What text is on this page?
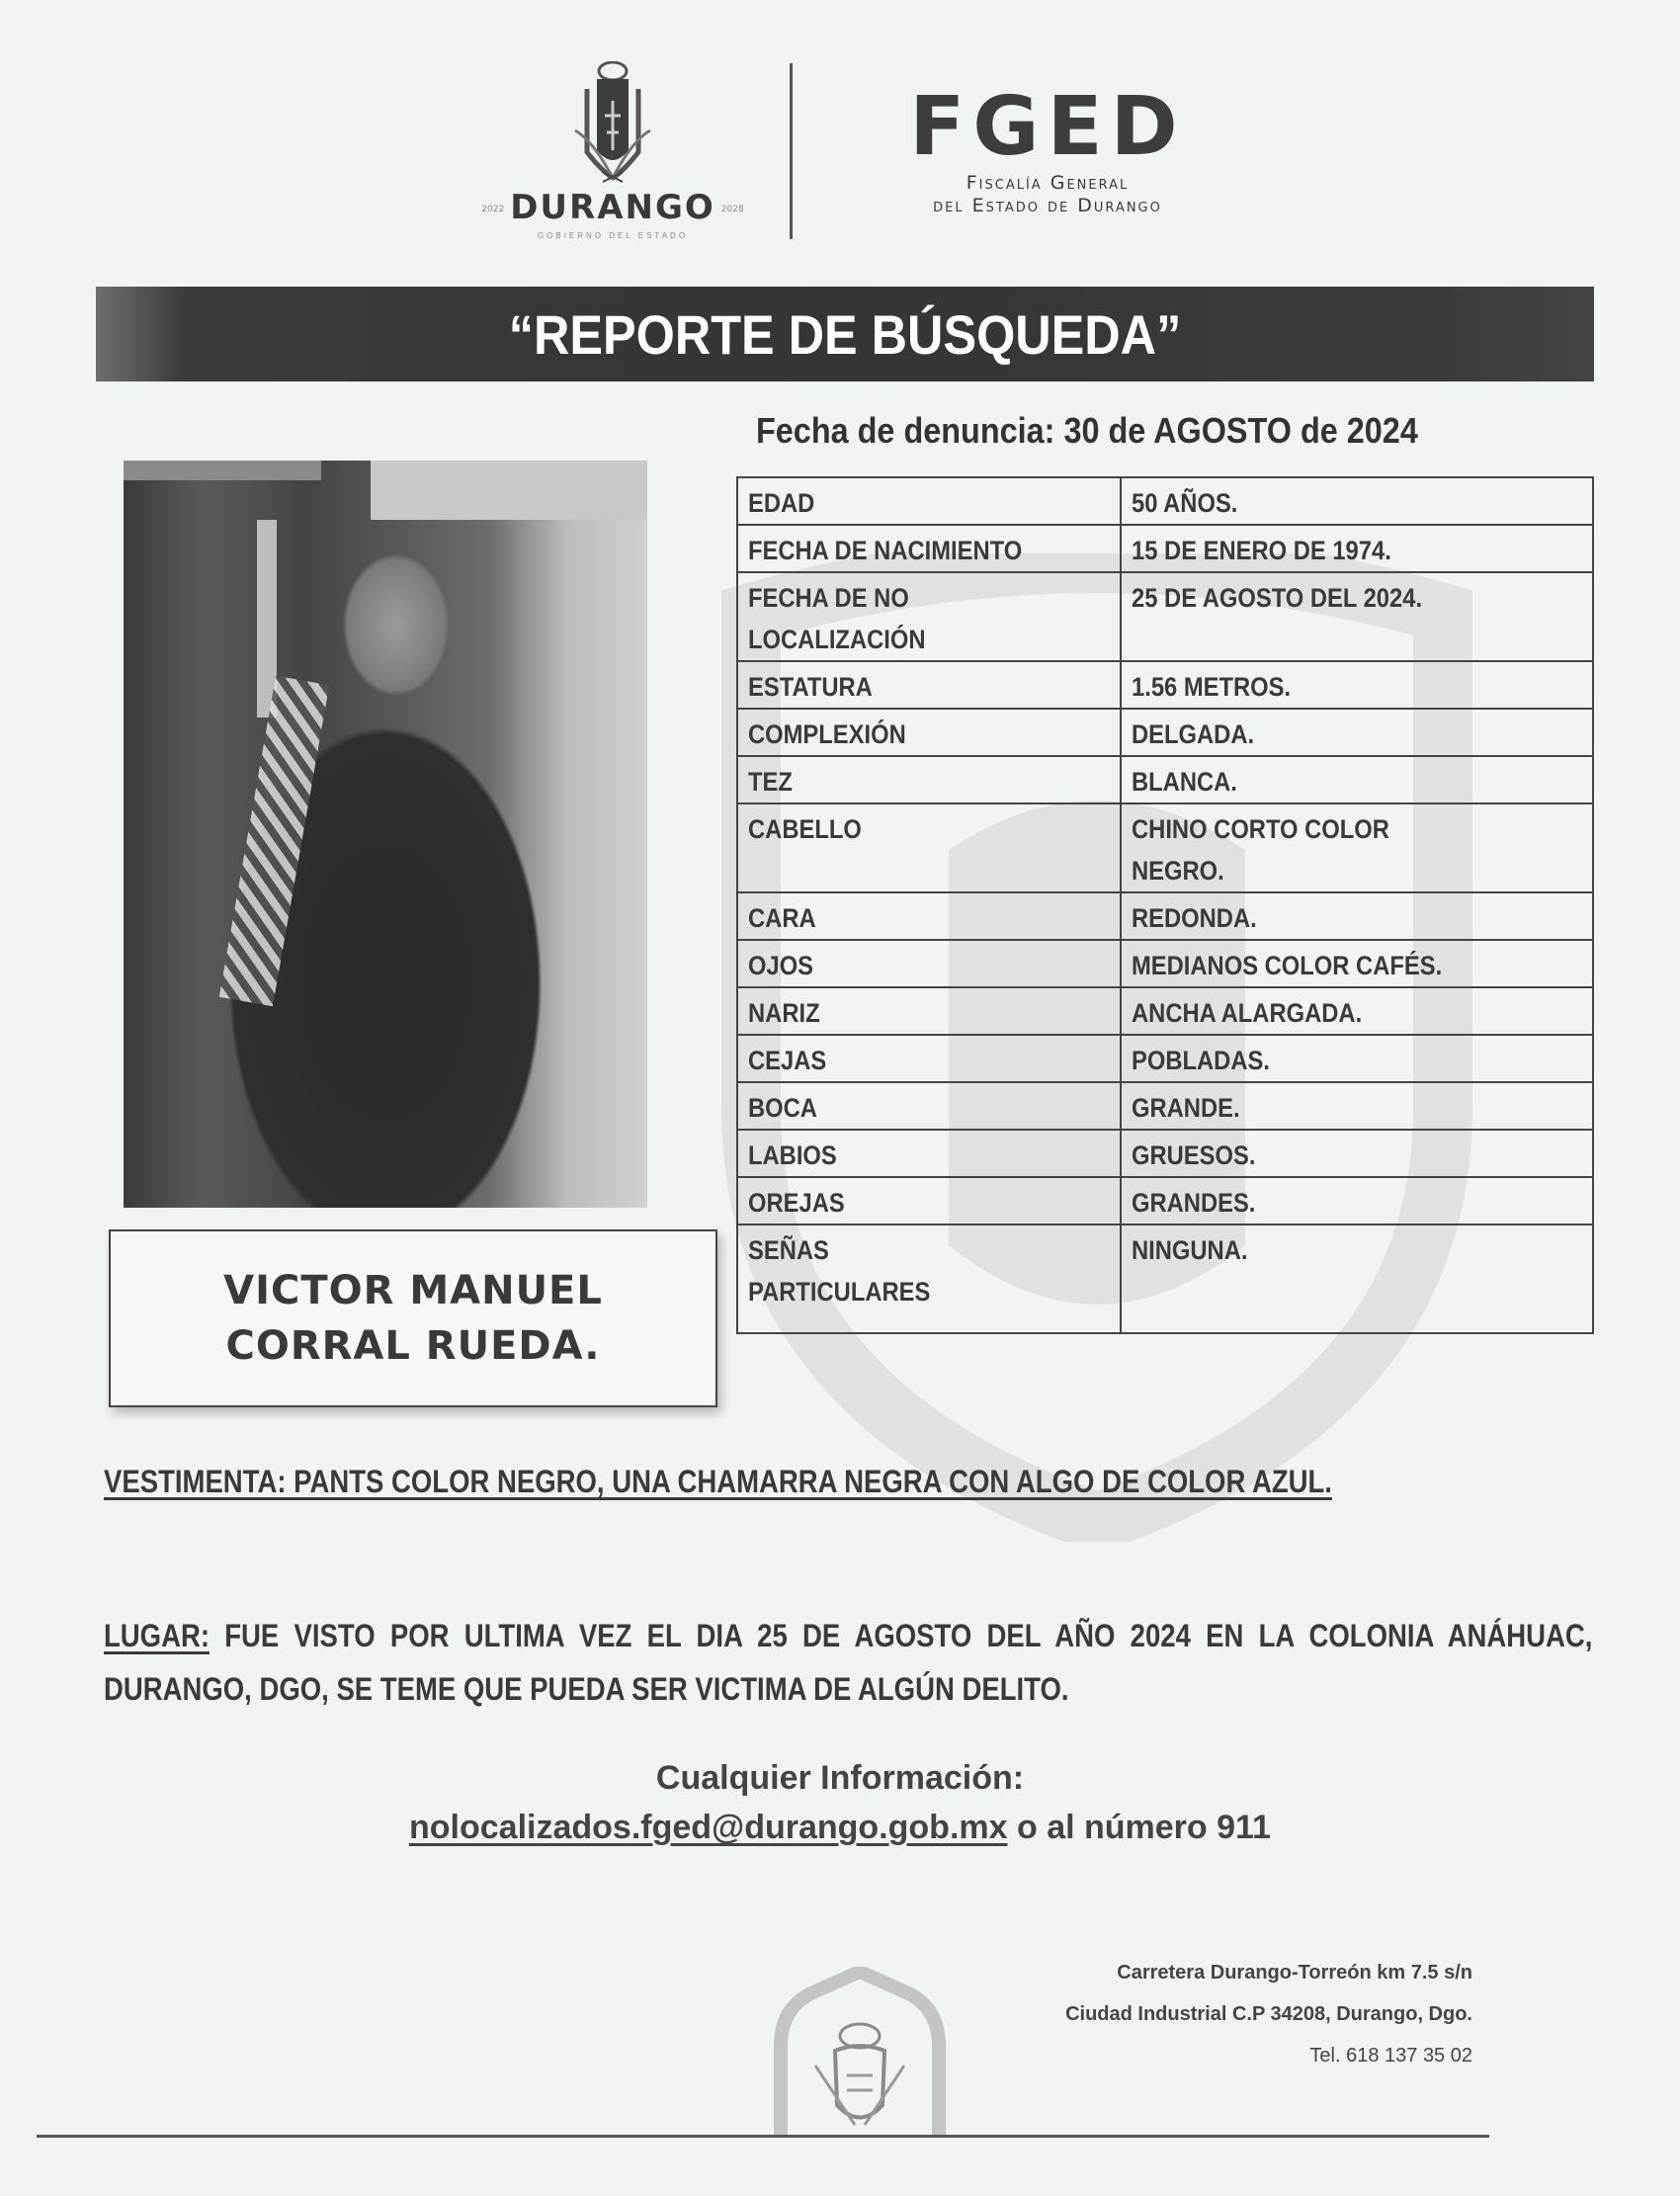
2022 DURANGO 2028
GOBIERNO DEL ESTADO
FGED
Fiscalía General
del Estado de Durango
“REPORTE DE BÚSQUEDA”
Fecha de denuncia: 30 de AGOSTO de 2024
VICTOR MANUEL
CORRAL RUEDA.
EDAD	50 AÑOS.
FECHA DE NACIMIENTO	15 DE ENERO DE 1974.
FECHA DE NO
LOCALIZACIÓN	25 DE AGOSTO DEL 2024.
ESTATURA	1.56 METROS.
COMPLEXIÓN	DELGADA.
TEZ	BLANCA.
CABELLO	CHINO CORTO COLOR
NEGRO.
CARA	REDONDA.
OJOS	MEDIANOS COLOR CAFÉS.
NARIZ	ANCHA ALARGADA.
CEJAS	POBLADAS.
BOCA	GRANDE.
LABIOS	GRUESOS.
OREJAS	GRANDES.
SEÑAS
PARTICULARES	NINGUNA.
VESTIMENTA: PANTS COLOR NEGRO, UNA CHAMARRA NEGRA CON ALGO DE COLOR AZUL.
LUGAR: FUE VISTO POR ULTIMA VEZ EL DIA 25 DE AGOSTO DEL AÑO 2024 EN LA COLONIA ANÁHUAC, DURANGO, DGO, SE TEME QUE PUEDA SER VICTIMA DE ALGÚN DELITO.
Cualquier Información:
nolocalizados.fged@durango.gob.mx o al número 911
Carretera Durango-Torreón km 7.5 s/n
Ciudad Industrial C.P 34208, Durango, Dgo.
Tel. 618 137 35 02
